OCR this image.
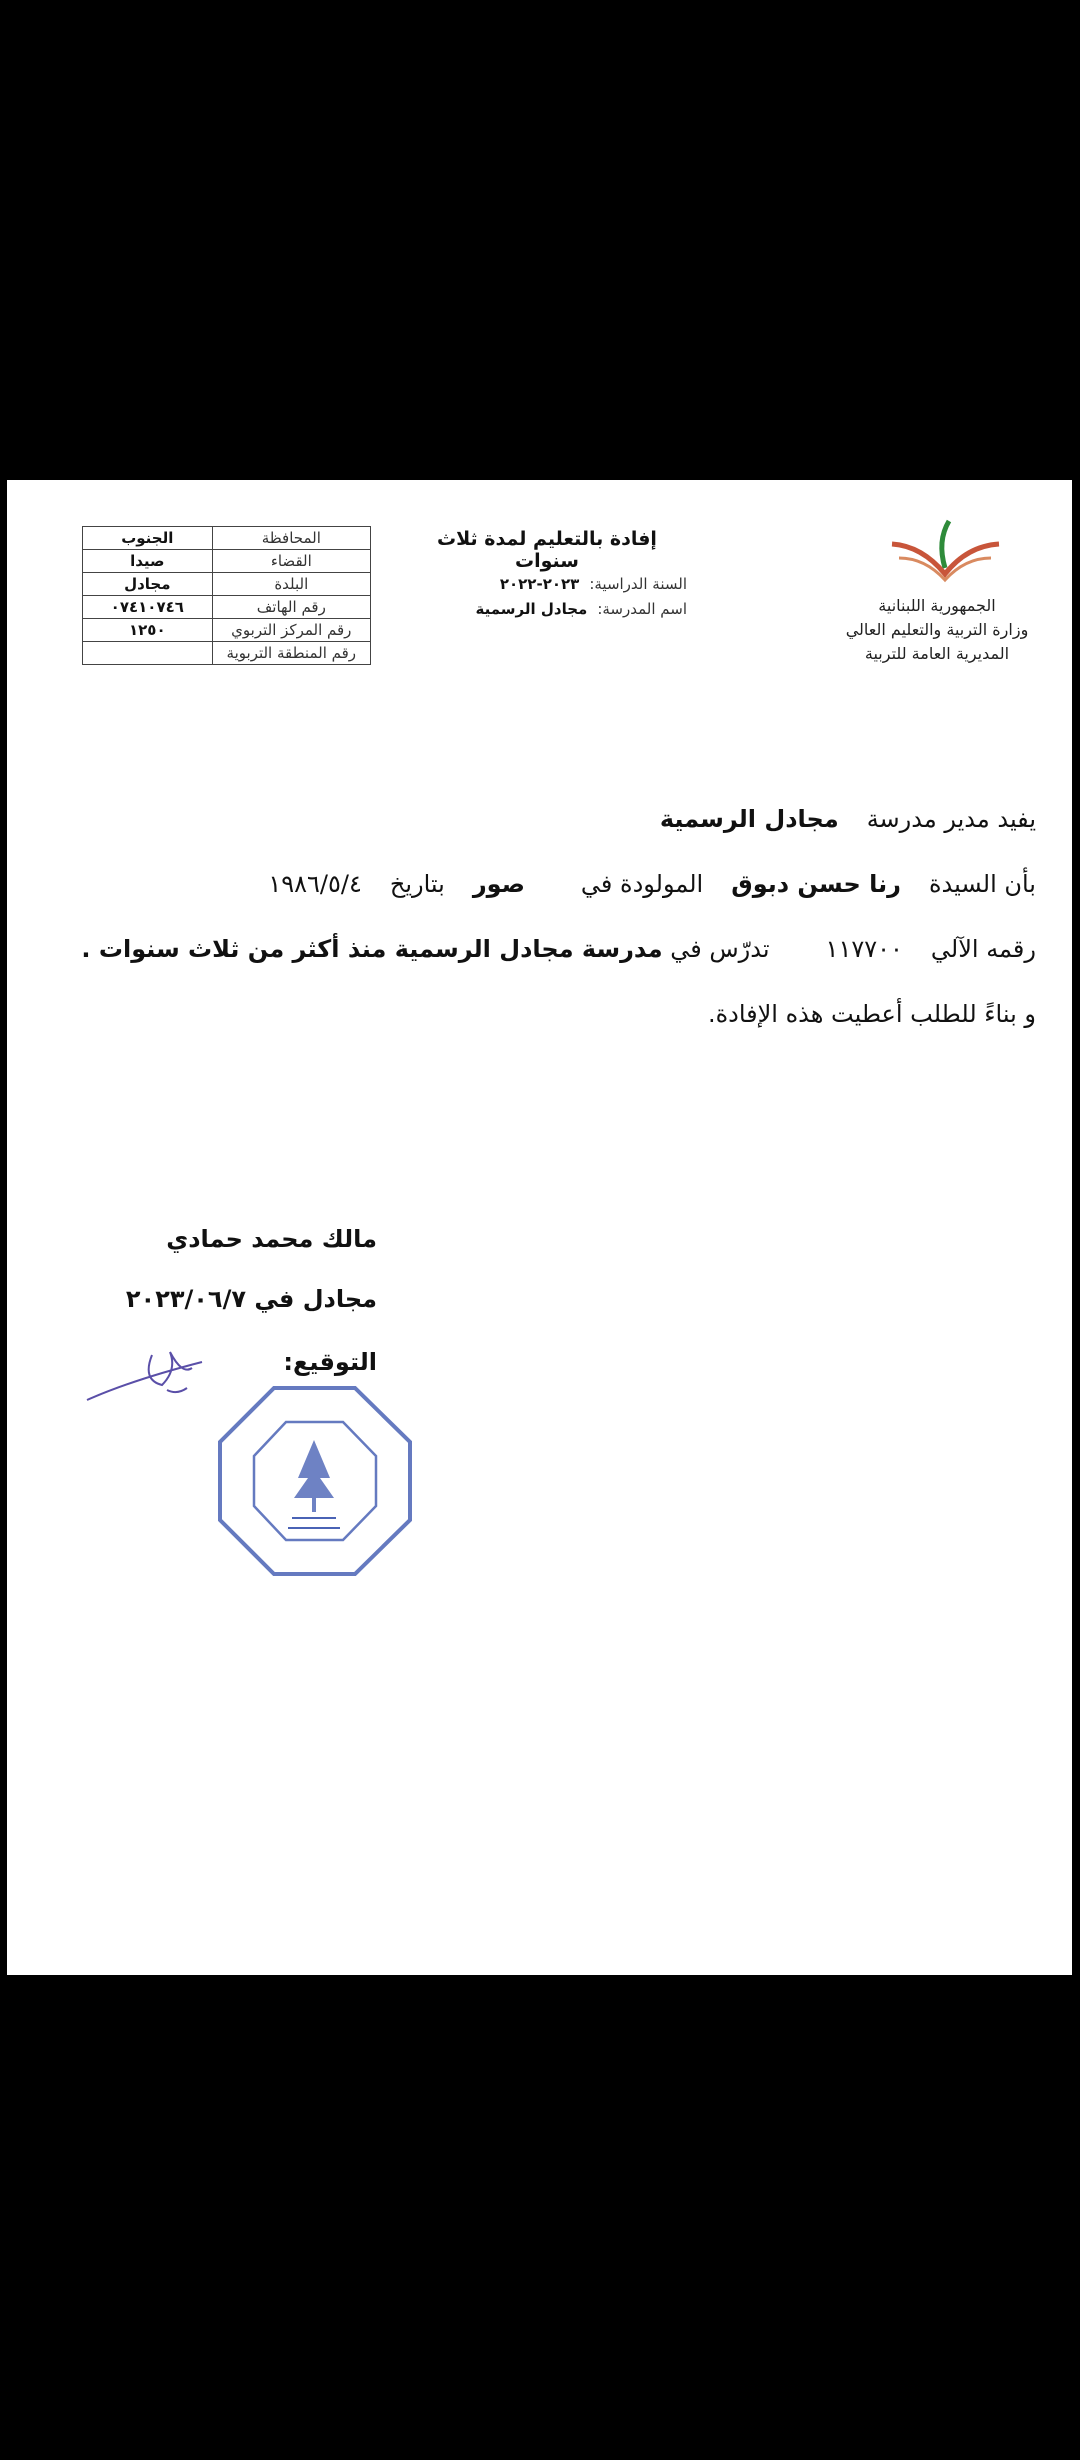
المحافظة	الجنوب
القضاء	صيدا
البلدة	مجادل
رقم الهاتف	٠٧٤١٠٧٤٦
رقم المركز التربوي	١٢٥٠
رقم المنطقة التربوية	
إفادة بالتعليم لمدة ثلاث سنوات
السنة الدراسية:٢٠٢٣-٢٠٢٢
اسم المدرسة:مجادل الرسمية	الجمهورية اللبنانية
وزارة التربية والتعليم العالي
المديرية العامة للتربية
يفيد مدير مدرسةمجادل الرسمية
بأن السيدةرنا حسن دبوقالمولودة فيصوربتاريخ١٩٨٦/٥/٤
رقمه الآلي١١٧٧٠٠تدرّس في مدرسة مجادل الرسمية منذ أكثر من ثلاث سنوات .
و بناءً للطلب أعطيت هذه الإفادة.
مالك محمد حمادي
مجادل في ٢٠٢٣/٠٦/٧
التوقيع:
